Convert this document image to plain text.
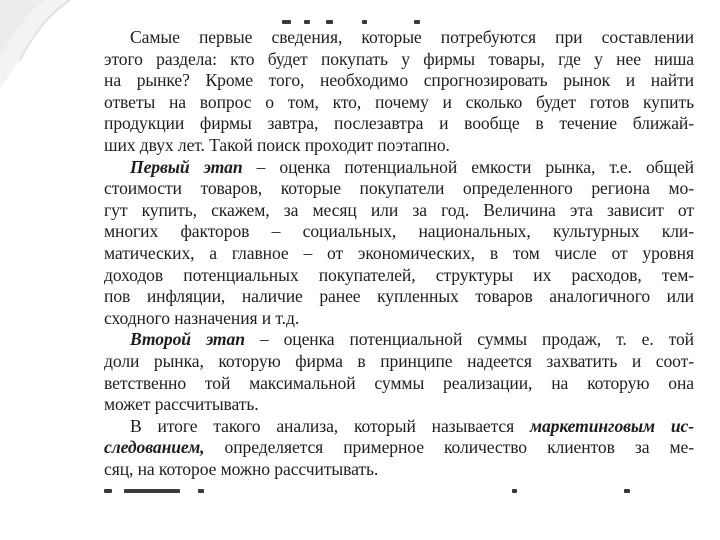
Самые первые сведения, которые потребуются при составлении
этого раздела: кто будет покупать у фирмы товары, где у нее ниша
на рынке? Кроме того, необходимо спрогнозировать рынок и найти
ответы на вопрос о том, кто, почему и сколько будет готов купить
продукции фирмы завтра, послезавтра и вообще в течение ближай-
ших двух лет. Такой поиск проходит поэтапно.
Первый этап – оценка потенциальной емкости рынка, т.е. общей
стоимости товаров, которые покупатели определенного региона мо-
гут купить, скажем, за месяц или за год. Величина эта зависит от
многих факторов – социальных, национальных, культурных кли-
матических, а главное – от экономических, в том числе от уровня
доходов потенциальных покупателей, структуры их расходов, тем-
пов инфляции, наличие ранее купленных товаров аналогичного или
сходного назначения и т.д.
Второй этап – оценка потенциальной суммы продаж, т. е. той
доли рынка, которую фирма в принципе надеется захватить и соот-
ветственно той максимальной суммы реализации, на которую она
может рассчитывать.
В итоге такого анализа, который называется маркетинговым ис-
следованием, определяется примерное количество клиентов за ме-
сяц, на которое можно рассчитывать.
